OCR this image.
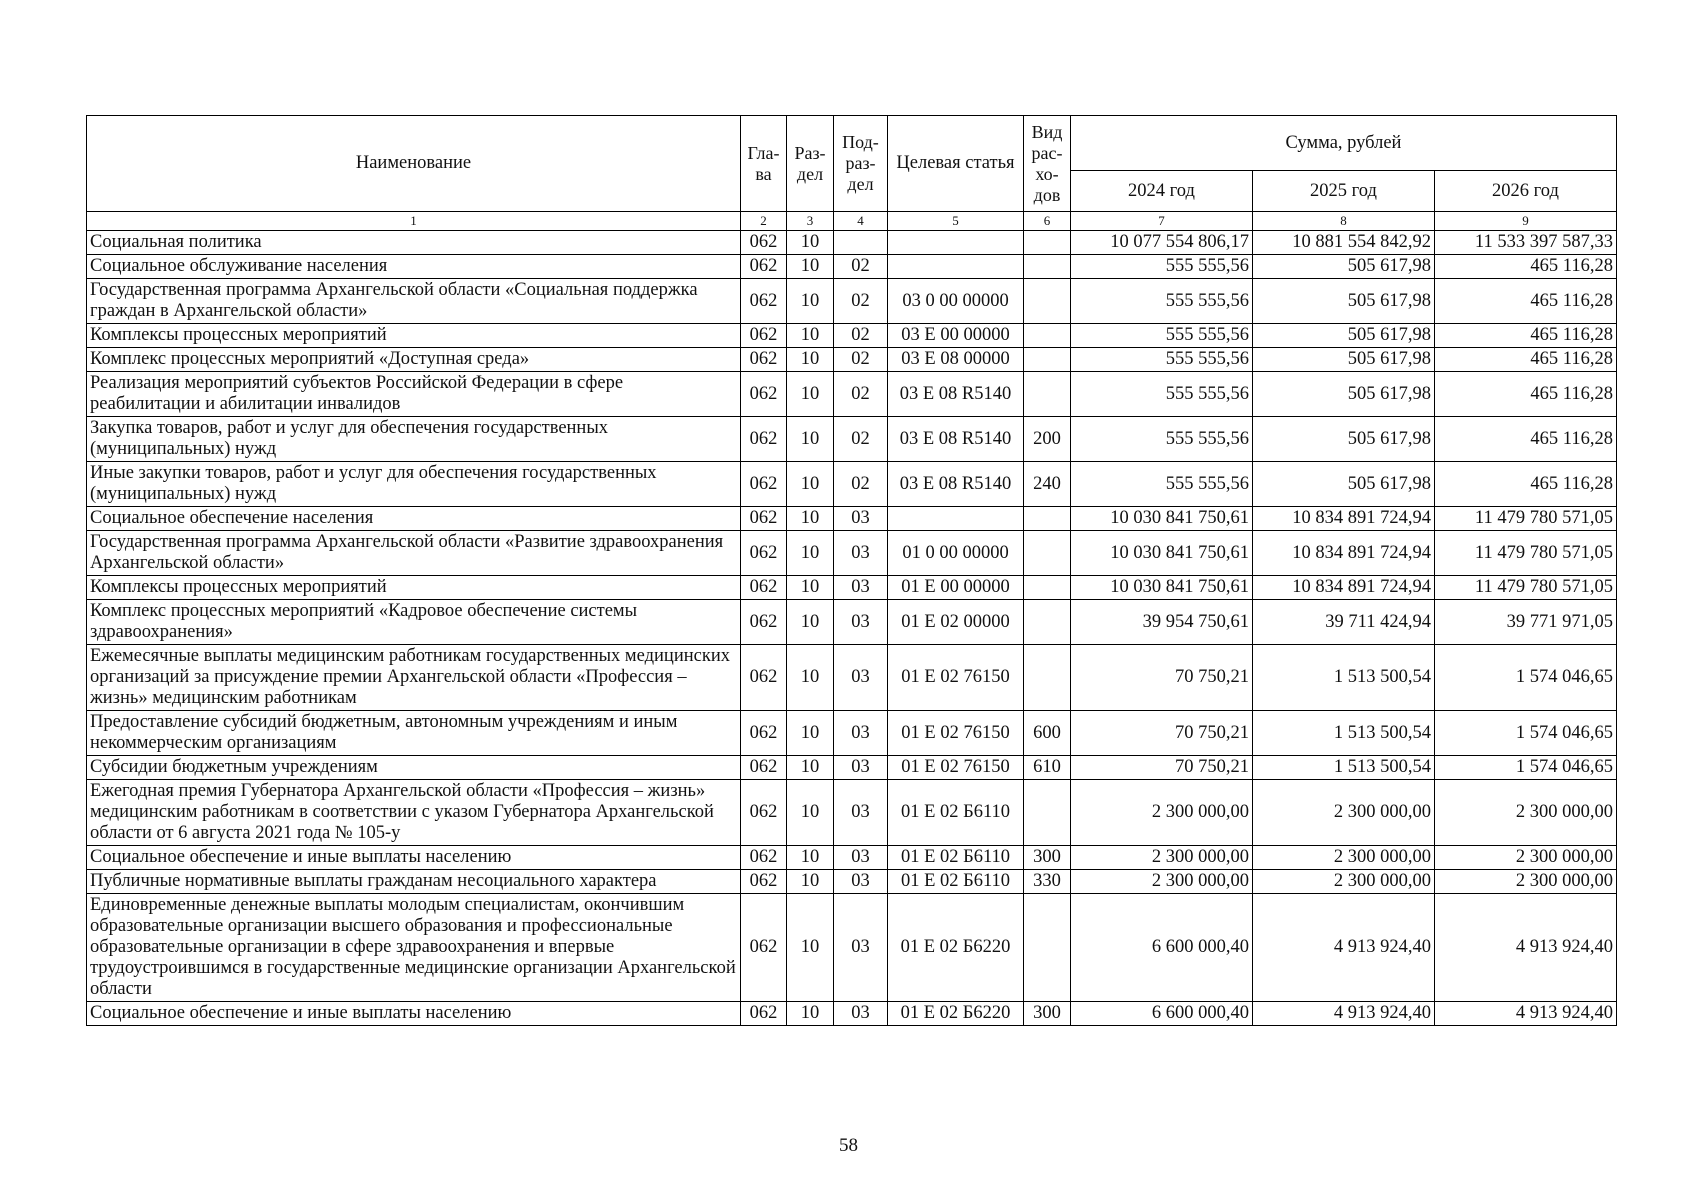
Наименование	Гла-ва	Раз-дел	Под-раз-дел	Целевая статья	Вид рас-хо-дов	Сумма, рублей		
						2024 год	2025 год	2026 год
1	2	3	4	5	6	7	8	9
Социальная политика	062	10				10 077 554 806,17	10 881 554 842,92	11 533 397 587,33
Социальное обслуживание населения	062	10	02			555 555,56	505 617,98	465 116,28
Государственная программа Архангельской области «Социальная поддержка граждан в Архангельской области»	062	10	02	03 0 00 00000		555 555,56	505 617,98	465 116,28
Комплексы процессных мероприятий	062	10	02	03 Е 00 00000		555 555,56	505 617,98	465 116,28
Комплекс процессных мероприятий «Доступная среда»	062	10	02	03 Е 08 00000		555 555,56	505 617,98	465 116,28
Реализация мероприятий субъектов Российской Федерации в сфере реабилитации и абилитации инвалидов	062	10	02	03 Е 08 R5140		555 555,56	505 617,98	465 116,28
Закупка товаров, работ и услуг для обеспечения государственных (муниципальных) нужд	062	10	02	03 Е 08 R5140	200	555 555,56	505 617,98	465 116,28
Иные закупки товаров, работ и услуг для обеспечения государственных (муниципальных) нужд	062	10	02	03 Е 08 R5140	240	555 555,56	505 617,98	465 116,28
Социальное обеспечение населения	062	10	03			10 030 841 750,61	10 834 891 724,94	11 479 780 571,05
Государственная программа Архангельской области «Развитие здравоохранения Архангельской области»	062	10	03	01 0 00 00000		10 030 841 750,61	10 834 891 724,94	11 479 780 571,05
Комплексы процессных мероприятий	062	10	03	01 Е 00 00000		10 030 841 750,61	10 834 891 724,94	11 479 780 571,05
Комплекс процессных мероприятий «Кадровое обеспечение системы здравоохранения»	062	10	03	01 Е 02 00000		39 954 750,61	39 711 424,94	39 771 971,05
Ежемесячные выплаты медицинским работникам государственных медицинских организаций за присуждение премии Архангельской области «Профессия – жизнь» медицинским работникам	062	10	03	01 Е 02 76150		70 750,21	1 513 500,54	1 574 046,65
Предоставление субсидий бюджетным, автономным учреждениям и иным некоммерческим организациям	062	10	03	01 Е 02 76150	600	70 750,21	1 513 500,54	1 574 046,65
Субсидии бюджетным учреждениям	062	10	03	01 Е 02 76150	610	70 750,21	1 513 500,54	1 574 046,65
Ежегодная премия Губернатора Архангельской области «Профессия – жизнь» медицинским работникам в соответствии с указом Губернатора Архангельской области от 6 августа 2021 года № 105-у	062	10	03	01 Е 02 Б6110		2 300 000,00	2 300 000,00	2 300 000,00
Социальное обеспечение и иные выплаты населению	062	10	03	01 Е 02 Б6110	300	2 300 000,00	2 300 000,00	2 300 000,00
Публичные нормативные выплаты гражданам несоциального характера	062	10	03	01 Е 02 Б6110	330	2 300 000,00	2 300 000,00	2 300 000,00
Единовременные денежные выплаты молодым специалистам, окончившим образовательные организации высшего образования и профессиональные образовательные организации в сфере здравоохранения и впервые трудоустроившимся в государственные медицинские организации Архангельской области	062	10	03	01 Е 02 Б6220		6 600 000,40	4 913 924,40	4 913 924,40
Социальное обеспечение и иные выплаты населению	062	10	03	01 Е 02 Б6220	300	6 600 000,40	4 913 924,40	4 913 924,40
58
